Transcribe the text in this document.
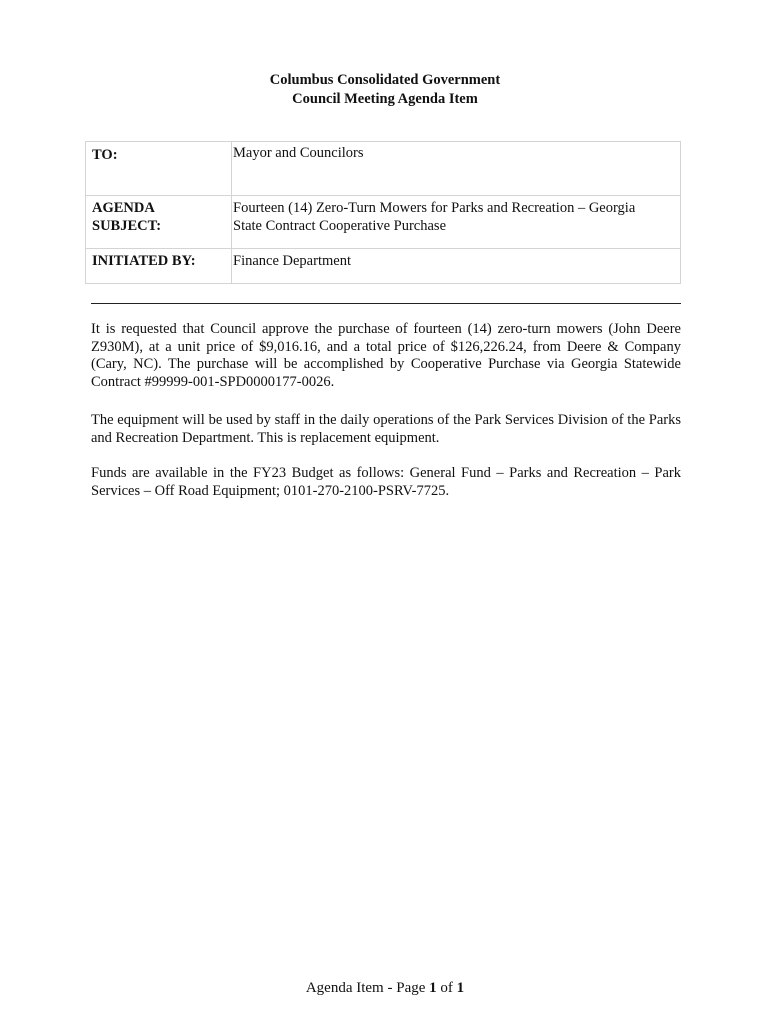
Columbus Consolidated Government
Council Meeting Agenda Item
TO:	Mayor and Councilors

AGENDA
SUBJECT:	Fourteen (14) Zero-Turn Mowers for Parks and Recreation – Georgia
State Contract Cooperative Purchase

INITIATED BY:	Finance Department
It is requested that Council approve the purchase of fourteen (14) zero-turn mowers (John Deere Z930M), at a unit price of $9,016.16, and a total price of $126,226.24, from Deere & Company (Cary, NC). The purchase will be accomplished by Cooperative Purchase via Georgia Statewide Contract #99999-001-SPD0000177-0026.
The equipment will be used by staff in the daily operations of the Park Services Division of the Parks and Recreation Department. This is replacement equipment.
Funds are available in the FY23 Budget as follows: General Fund – Parks and Recreation – Park Services – Off Road Equipment; 0101-270-2100-PSRV-7725.
Agenda Item - Page 1 of 1
